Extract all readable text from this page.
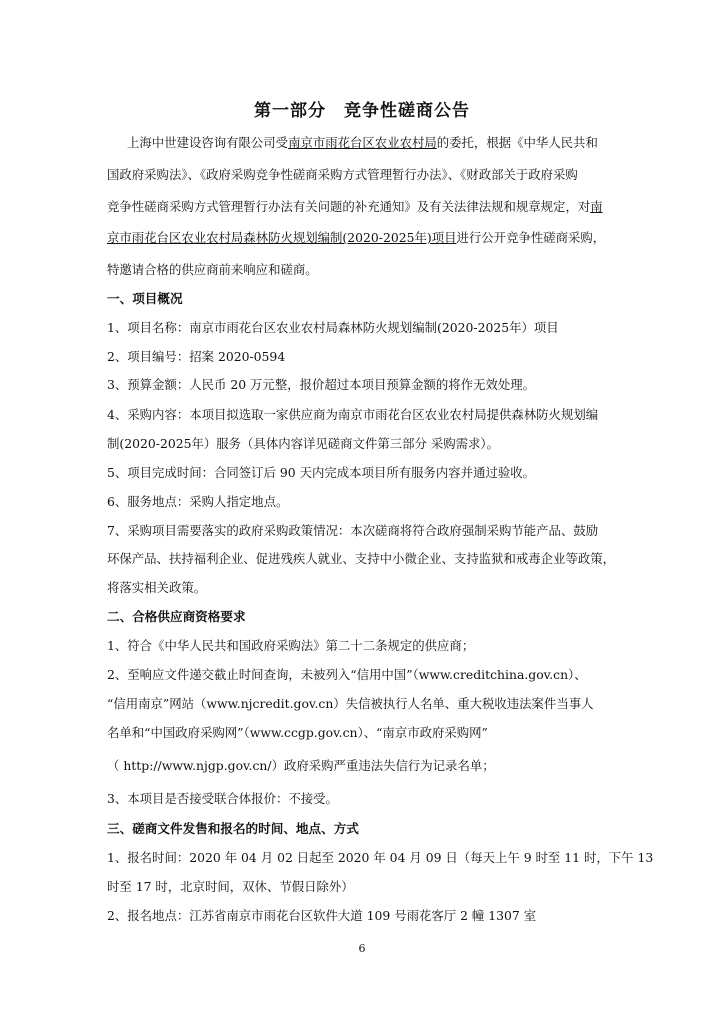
第一部分　竞争性磋商公告
上海中世建设咨询有限公司受南京市雨花台区农业农村局的委托，根据《中华人民共和
国政府采购法》、《政府采购竞争性磋商采购方式管理暂行办法》、《财政部关于政府采购
竞争性磋商采购方式管理暂行办法有关问题的补充通知》及有关法律法规和规章规定，对南
京市雨花台区农业农村局森林防火规划编制(2020-2025年)项目进行公开竞争性磋商采购，
特邀请合格的供应商前来响应和磋商。
一、项目概况
1、项目名称：南京市雨花台区农业农村局森林防火规划编制(2020-2025年）项目
2、项目编号：招案 2020-0594
3、预算金额：人民币 20 万元整，报价超过本项目预算金额的将作无效处理。
4、采购内容：本项目拟选取一家供应商为南京市雨花台区农业农村局提供森林防火规划编
制(2020-2025年）服务（具体内容详见磋商文件第三部分 采购需求）。
5、项目完成时间：合同签订后 90 天内完成本项目所有服务内容并通过验收。
6、服务地点：采购人指定地点。
7、采购项目需要落实的政府采购政策情况：本次磋商将符合政府强制采购节能产品、鼓励
环保产品、扶持福利企业、促进残疾人就业、支持中小微企业、支持监狱和戒毒企业等政策，
将落实相关政策。
二、合格供应商资格要求
1、符合《中华人民共和国政府采购法》第二十二条规定的供应商；
2、至响应文件递交截止时间查询，未被列入“信用中国”（www.creditchina.gov.cn）、
“信用南京”网站（www.njcredit.gov.cn）失信被执行人名单、重大税收违法案件当事人
名单和“中国政府采购网”（www.ccgp.gov.cn）、“南京市政府采购网”
（ http://www.njgp.gov.cn/）政府采购严重违法失信行为记录名单；
3、本项目是否接受联合体报价：不接受。
三、磋商文件发售和报名的时间、地点、方式
1、报名时间：2020 年 04 月 02 日起至 2020 年 04 月 09 日（每天上午 9 时至 11 时，下午 13
时至 17 时，北京时间，双休、节假日除外）
2、报名地点：江苏省南京市雨花台区软件大道 109 号雨花客厅 2 幢 1307 室
6
